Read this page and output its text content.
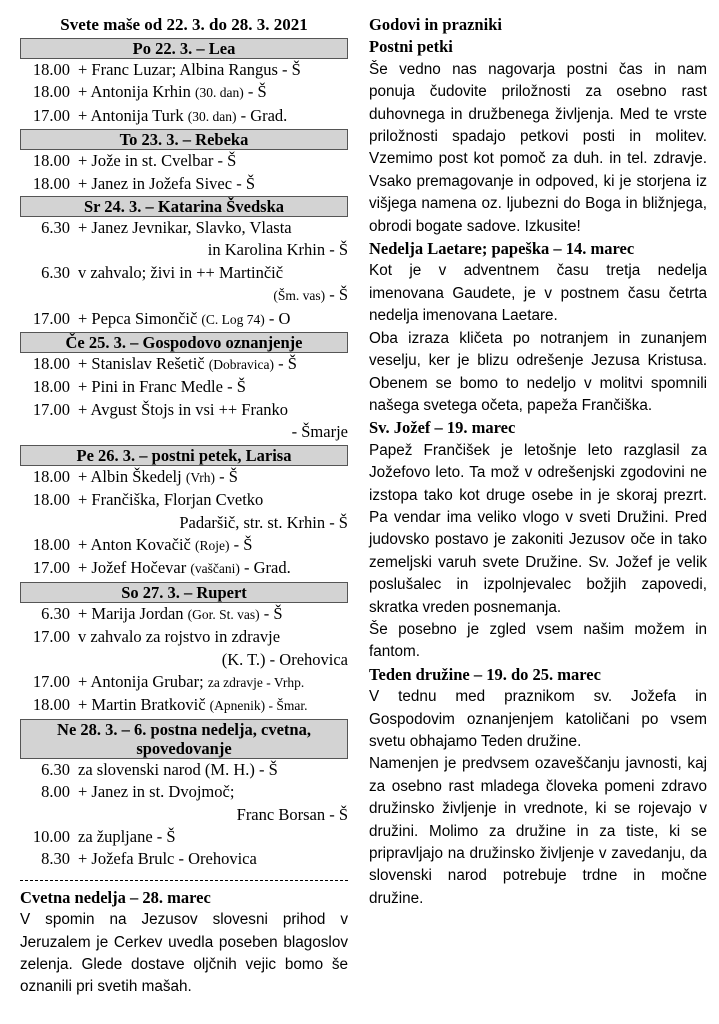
Svete maše od 22. 3. do 28. 3. 2021
Po 22. 3. – Lea
18.00 + Franc Luzar; Albina Rangus - Š
18.00 + Antonija Krhin (30. dan) - Š
17.00 + Antonija Turk (30. dan) - Grad.
To 23. 3. – Rebeka
18.00 + Jože in st. Cvelbar - Š
18.00 + Janez in Jožefa Sivec - Š
Sr 24. 3. – Katarina Švedska
6.30 + Janez Jevnikar, Slavko, Vlasta
in Karolina Krhin - Š
6.30 v zahvalo; živi in ++ Martinčič
(Šm. vas) - Š
17.00 + Pepca Simončič (C. Log 74) - O
Če 25. 3. – Gospodovo oznanjenje
18.00 + Stanislav Rešetič (Dobravica) - Š
18.00 + Pini in Franc Medle - Š
17.00 + Avgust Štojs in vsi ++ Franko
- Šmarje
Pe 26. 3. – postni petek, Larisa
18.00 + Albin Škedelj (Vrh) - Š
18.00 + Frančiška, Florjan Cvetko
Padaršič, str. st. Krhin - Š
18.00 + Anton Kovačič (Roje) - Š
17.00 + Jožef Hočevar (vaščani) - Grad.
So 27. 3. – Rupert
6.30 + Marija Jordan (Gor. St. vas) - Š
17.00 v zahvalo za rojstvo in zdravje
(K. T.) - Orehovica
17.00 + Antonija Grubar; za zdravje - Vrhp.
18.00 + Martin Bratkovič (Apnenik) - Šmar.
Ne 28. 3. – 6. postna nedelja, cvetna, spovedovanje
6.30 za slovenski narod (M. H.) - Š
8.00 + Janez in st. Dvojmoč;
Franc Borsan - Š
10.00 za župljane - Š
8.30 + Jožefa Brulc - Orehovica
Cvetna nedelja – 28. marec
V spomin na Jezusov slovesni prihod v Jeruzalem je Cerkev uvedla poseben blagoslov zelenja. Glede dostave oljčnih vejic bomo še oznanili pri svetih mašah.
Godovi in prazniki
Postni petki
Še vedno nas nagovarja postni čas in nam ponuja čudovite priložnosti za osebno rast duhovnega in družbenega življenja. Med te vrste priložnosti spadajo petkovi posti in molitev. Vzemimo post kot pomoč za duh. in tel. zdravje. Vsako premagovanje in odpoved, ki je storjena iz višjega namena oz. ljubezni do Boga in bližnjega, obrodi bogate sadove. Izkusite!
Nedelja Laetare; papeška – 14. marec
Kot je v adventnem času tretja nedelja imenovana Gaudete, je v postnem času četrta nedelja imenovana Laetare.
Oba izraza kličeta po notranjem in zunanjem veselju, ker je blizu odrešenje Jezusa Kristusa. Obenem se bomo to nedeljo v molitvi spomnili našega svetega očeta, papeža Frančiška.
Sv. Jožef – 19. marec
Papež Frančišek je letošnje leto razglasil za Jožefovo leto. Ta mož v odrešenjski zgodovini ne izstopa tako kot druge osebe in je skoraj prezrt. Pa vendar ima veliko vlogo v sveti Družini. Pred judovsko postavo je zakoniti Jezusov oče in tako zemeljski varuh svete Družine. Sv. Jožef je velik poslušalec in izpolnjevalec božjih zapovedi, skratka vreden posnemanja.
Še posebno je zgled vsem našim možem in fantom.
Teden družine – 19. do 25. marec
V tednu med praznikom sv. Jožefa in Gospodovim oznanjenjem katoličani po vsem svetu obhajamo Teden družine.
Namenjen je predvsem ozaveščanju javnosti, kaj za osebno rast mladega človeka pomeni zdravo družinsko življenje in vrednote, ki se rojevajo v družini. Molimo za družine in za tiste, ki se pripravljajo na družinsko življenje v zavedanju, da slovenski narod potrebuje trdne in močne družine.
